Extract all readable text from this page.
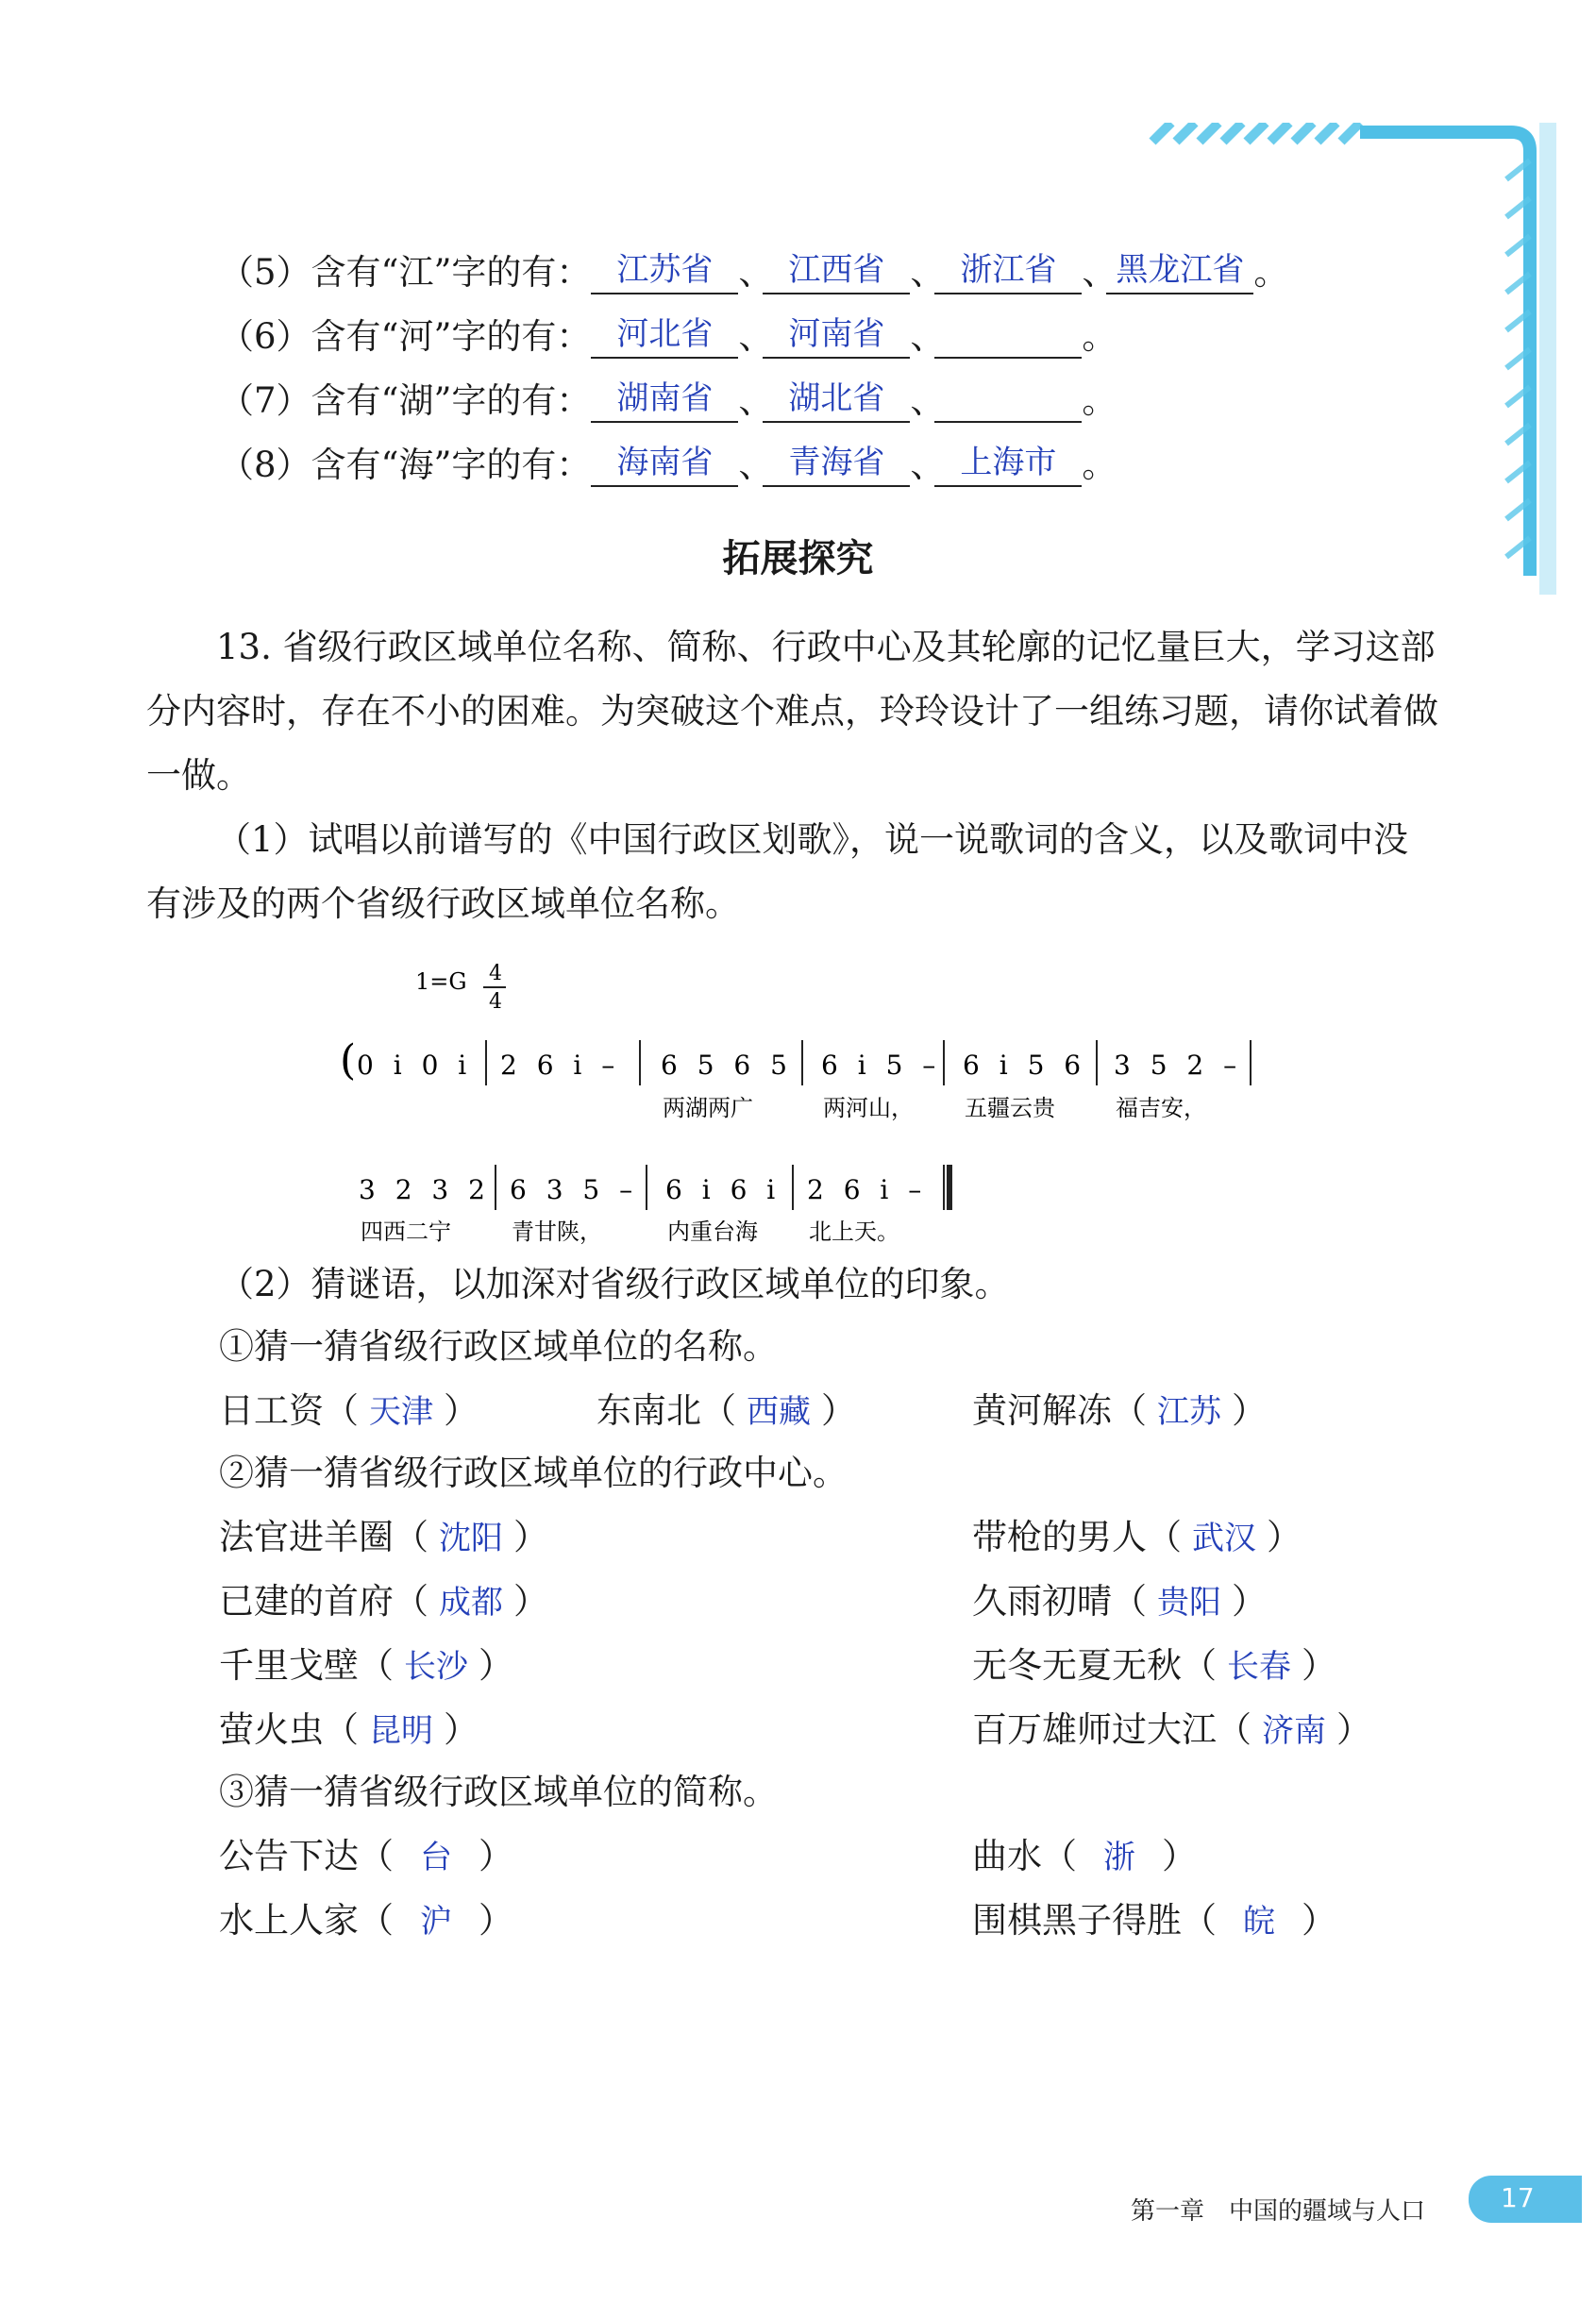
（5）含有“江”字的有： 江苏省 、 江西省 、 浙江省 、黑龙江省 。
（6）含有“河”字的有： 河北省 、 河南省 、	。
（7）含有“湖”字的有： 湖南省 、 湖北省 、	。
（8）含有“海”字的有： 海南省 、 青海省 、 上海市 。
拓展探究
13. 省级行政区域单位名称、简称、行政中心及其轮廓的记忆量巨大，学习这部分内容时，存在不小的困难。为突破这个难点，玲玲设计了一组练习题，请你试着做一做。
（1）试唱以前谱写的《中国行政区划歌》，说一说歌词的含义，以及歌词中没有涉及的两个省级行政区域单位名称。
1=G 4
4
( 0 i 0 i 2 6 i – 6 5 6 5
两湖两广
6 i 5 –
两河山，
6 i 5 6
五疆云贵
3 5 2 –
福吉安，
3 2 3 2
四西二宁
6 3 5 –
青甘陕，
6 i 6 i
内重台海
2 6 i –
北上天。
（2）猜谜语，以加深对省级行政区域单位的印象。
①猜一猜省级行政区域单位的名称。
日工资（ 天津 ）	东南北（ 西藏 ）	黄河解冻（ 江苏 ）
②猜一猜省级行政区域单位的行政中心。
法官进羊圈（ 沈阳 ）	带枪的男人（ 武汉 ）
已建的首府（ 成都 ）	久雨初晴（ 贵阳 ）
千里戈壁（ 长沙 ）	无冬无夏无秋（ 长春 ）
萤火虫（ 昆明 ）	百万雄师过大江（ 济南 ）
③猜一猜省级行政区域单位的简称。
公告下达（ 台 ）	曲水（ 浙 ）
水上人家（ 沪 ）	围棋黑子得胜（ 皖 ）
第一章　中国的疆域与人口	17
